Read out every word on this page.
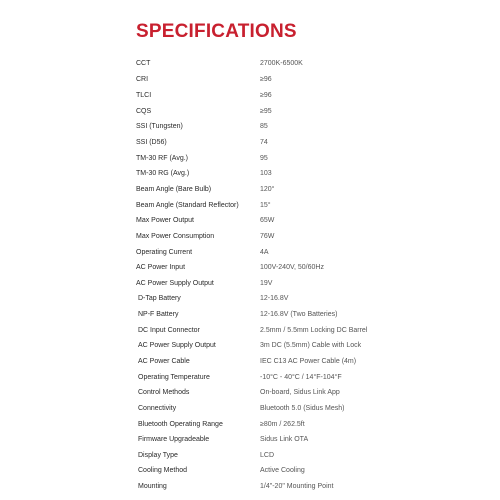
SPECIFICATIONS
CCT	2700K-6500K
CRI	≥96
TLCI	≥96
CQS	≥95
SSI (Tungsten)	85
SSI (D56)	74
TM-30 RF (Avg.)	95
TM-30 RG (Avg.)	103
Beam Angle (Bare Bulb)	120°
Beam Angle (Standard Reflector)	15°
Max Power Output	65W
Max Power Consumption	76W
Operating Current	4A
AC Power Input	100V-240V, 50/60Hz
AC Power Supply Output	19V
D-Tap Battery	12-16.8V
NP-F Battery	12-16.8V (Two Batteries)
DC Input Connector	2.5mm / 5.5mm Locking DC Barrel
AC Power Supply Output	3m DC (5.5mm) Cable with Lock
AC Power Cable	IEC C13 AC Power Cable (4m)
Operating Temperature	-10°C - 40°C / 14°F-104°F
Control Methods	On-board, Sidus Link App
Connectivity	Bluetooth 5.0 (Sidus Mesh)
Bluetooth Operating Range	≥80m / 262.5ft
Firmware Upgradeable	Sidus Link OTA
Display Type	LCD
Cooling Method	Active Cooling
Mounting	1/4"-20" Mounting Point
